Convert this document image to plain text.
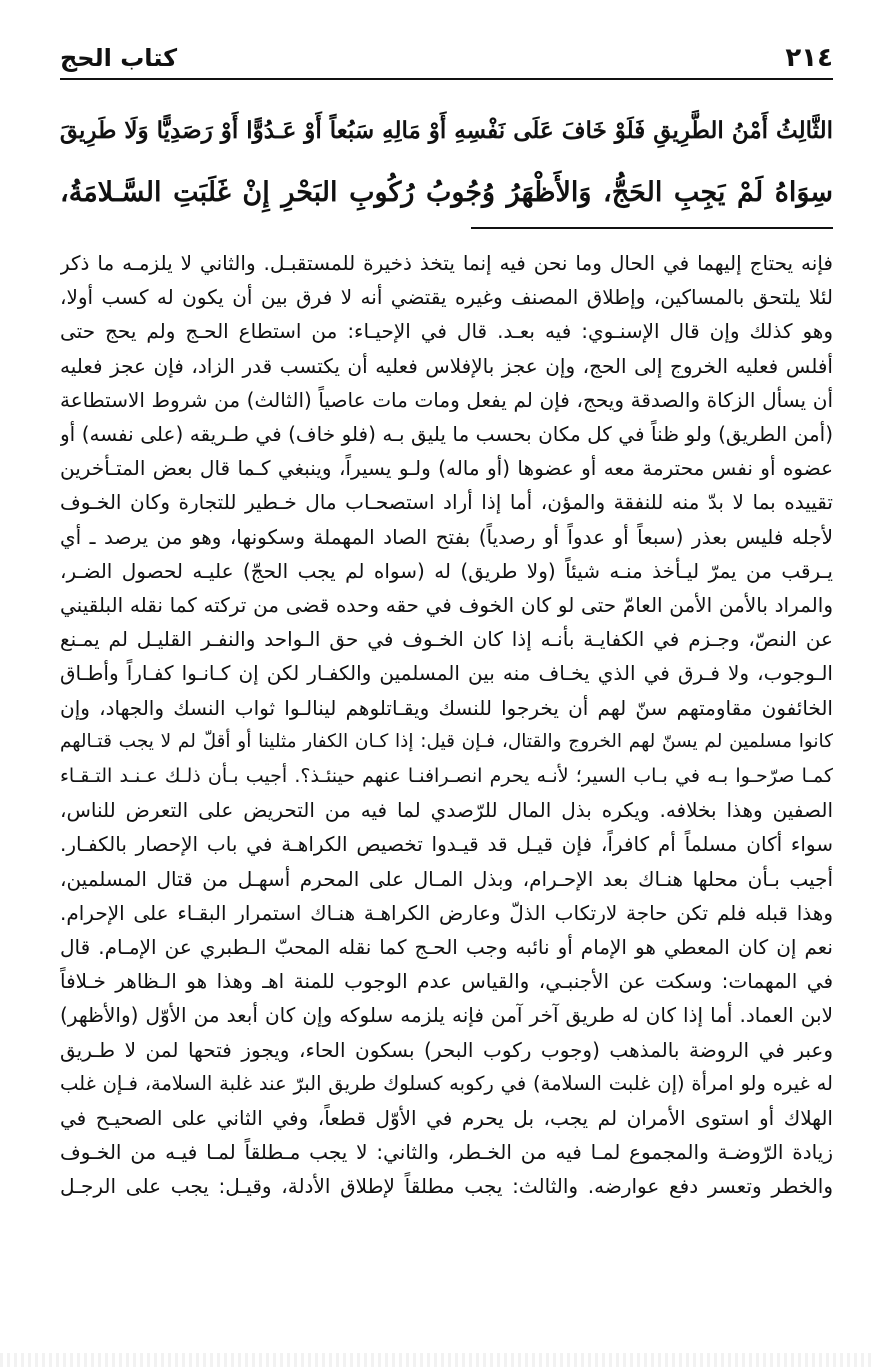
٢١٤
كتاب الحج
الثَّالِثُ أَمْنُ الطَّرِيقِ فَلَوْ خَافَ عَلَى نَفْسِهِ أَوْ مَالِهِ سَبُعاً أَوْ عَـدُوًّا أَوْ رَصَدِيًّا وَلَا طَرِيقَ
سِوَاهُ لَمْ يَجِبِ الحَجُّ، وَالأَظْهَرُ وُجُوبُ رُكُوبِ البَحْرِ إِنْ غَلَبَتِ السَّـلامَةُ،
فإنه يحتاج إليهما في الحال وما نحن فيه إنما يتخذ ذخيرة للمستقبـل. والثاني لا يلزمـه ما ذكر
لئلا يلتحق بالمساكين، وإطلاق المصنف وغيره يقتضي أنه لا فرق بين أن يكون له كسب أولا،
وهو كذلك وإن قال الإسنـوي: فيه بعـد. قال في الإحيـاء: من استطاع الحـج ولم يحج حتى
أفلس فعليه الخروج إلى الحج، وإن عجز بالإفلاس فعليه أن يكتسب قدر الزاد، فإن عجز فعليه
أن يسأل الزكاة والصدقة ويحج، فإن لم يفعل ومات مات عاصياً (الثالث) من شروط الاستطاعة
(أمن الطريق) ولو ظناً في كل مكان بحسب ما يليق بـه (فلو خاف) في طـريقه (على نفسه) أو
عضوه أو نفس محترمة معه أو عضوها (أو ماله) ولـو يسيراً، وينبغي كـما قال بعض المتـأخرين
تقييده بما لا بدّ منه للنفقة والمؤن، أما إذا أراد استصحـاب مال خـطير للتجارة وكان الخـوف
لأجله فليس بعذر (سبعاً أو عدواً أو رصدياً) بفتح الصاد المهملة وسكونها، وهو من يرصد ـ أي
يـرقب من يمرّ ليـأخذ منـه شيئاً (ولا طريق) له (سواه لم يجب الحجّ) عليـه لحصول الضـر،
والمراد بالأمن الأمن العامّ حتى لو كان الخوف في حقه وحده قضى من تركته كما نقله البلقيني
عن النصّ، وجـزم في الكفايـة بأنـه إذا كان الخـوف في حق الـواحد والنفـر القليـل لم يمـنع
الـوجوب، ولا فـرق في الذي يخـاف منه بين المسلمين والكفـار لكن إن كـانـوا كفـاراً وأطـاق
الخائفون مقاومتهم سنّ لهم أن يخرجوا للنسك ويقـاتلوهم لينالـوا ثواب النسك والجهاد، وإن
كانوا مسلمين لم يسنّ لهم الخروج والقتال، فـإن قيل: إذا كـان الكفار مثلينا أو أقلّ لم لا يجب قتـالهم
كمـا صرّحـوا بـه في بـاب السير؛ لأنـه يحرم انصـرافنـا عنهم حينئـذ؟. أجيب بـأن ذلـك عـنـد التـقـاء
الصفين وهذا بخلافه. ويكره بذل المال للرّصدي لما فيه من التحريض على التعرض للناس،
سواء أكان مسلماً أم كافراً، فإن قيـل قد قيـدوا تخصيص الكراهـة في باب الإحصار بالكفـار.
أجيب بـأن محلها هنـاك بعد الإحـرام، وبذل المـال على المحرم أسهـل من قتال المسلمين،
وهذا قبله فلم تكن حاجة لارتكاب الذلّ وعارض الكراهـة هنـاك استمرار البقـاء على الإحرام.
نعم إن كان المعطي هو الإمام أو نائبه وجب الحـج كما نقله المحبّ الـطبري عن الإمـام. قال
في المهمات: وسكت عن الأجنبـي، والقياس عدم الوجوب للمنة اهـ وهذا هو الـظاهر خـلافاً
لابن العماد. أما إذا كان له طريق آخر آمن فإنه يلزمه سلوكه وإن كان أبعد من الأوّل (والأظهر)
وعبر في الروضة بالمذهب (وجوب ركوب البحر) بسكون الحاء، ويجوز فتحها لمن لا طـريق
له غيره ولو امرأة (إن غلبت السلامة) في ركوبه كسلوك طريق البرّ عند غلبة السلامة، فـإن غلب
الهلاك أو استوى الأمران لم يجب، بل يحرم في الأوّل قطعاً، وفي الثاني على الصحيـح في
زيادة الرّوضـة والمجموع لمـا فيه من الخـطر، والثاني: لا يجب مـطلقاً لمـا فيـه من الخـوف
والخطر وتعسر دفع عوارضه. والثالث: يجب مطلقاً لإطلاق الأدلة، وقيـل: يجب على الرجـل
